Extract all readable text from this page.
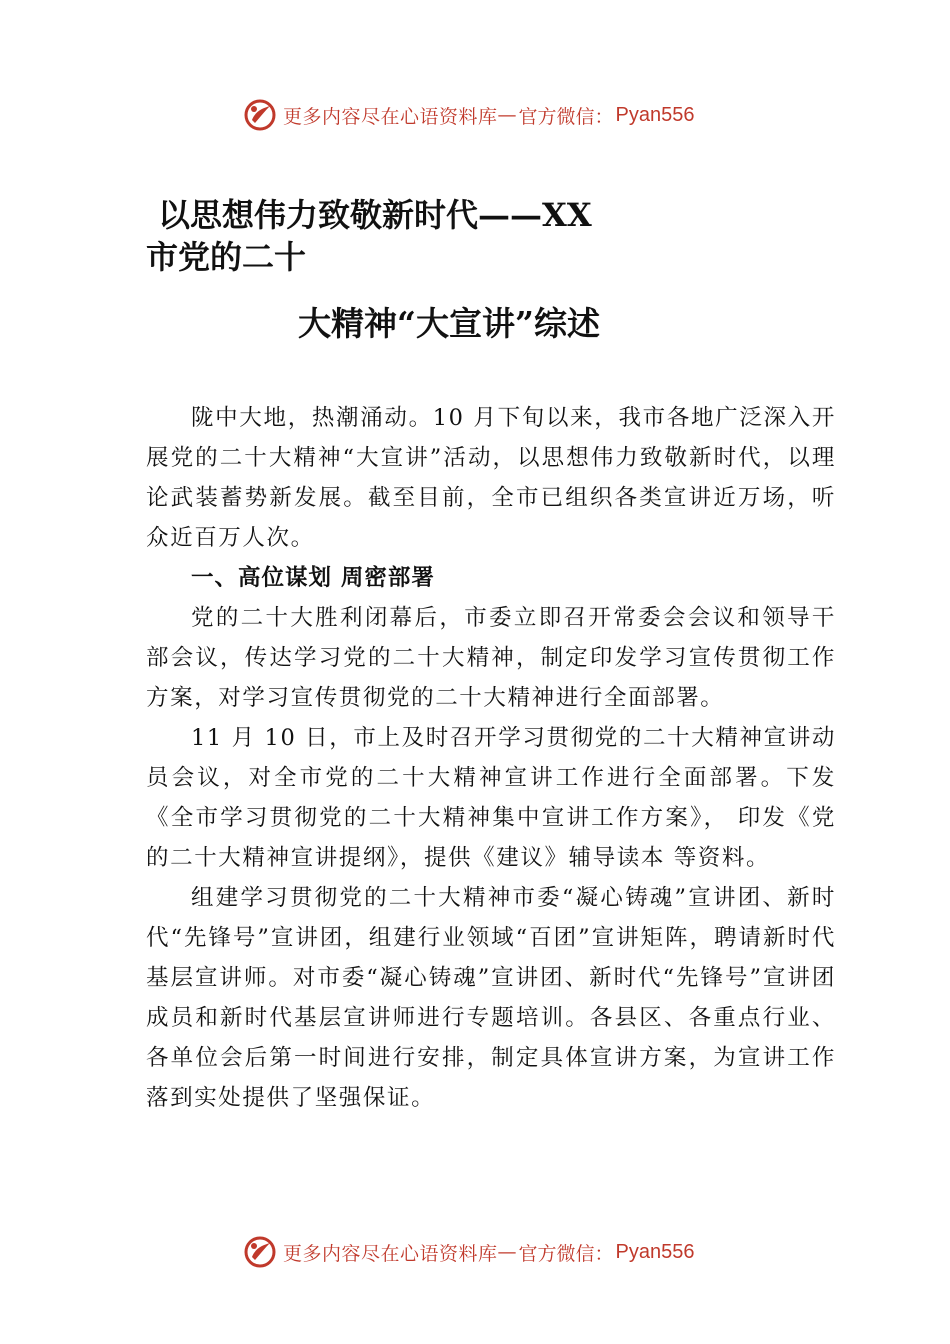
更多内容尽在心语资料库 — 官方微信： Pyan556
以思想伟力致敬新时代——XX
市党的二十
大精神“大宣讲”综述

陇中大地，热潮涌动。10 月下旬以来，我市各地广泛深入开展党的二十大精神“大宣讲”活动，以思想伟力致敬新时代，以理论武装蓄势新发展。截至目前，全市已组织各类宣讲近万场，听众近百万人次。

一、高位谋划 周密部署

党的二十大胜利闭幕后，市委立即召开常委会会议和领导干部会议，传达学习党的二十大精神，制定印发学习宣传贯彻工作方案，对学习宣传贯彻党的二十大精神进行全面部署。

11 月 10 日，市上及时召开学习贯彻党的二十大精神宣讲动员会议，对全市党的二十大精神宣讲工作进行全面部署。下发《全市学习贯彻党的二十大精神集中宣讲工作方案》， 印发《党的二十大精神宣讲提纲》，提供《建议》辅导读本 等资料。

组建学习贯彻党的二十大精神市委“凝心铸魂”宣讲团、新时代“先锋号”宣讲团，组建行业领域“百团”宣讲矩阵，聘请新时代基层宣讲师。对市委“凝心铸魂”宣讲团、新时代“先锋号”宣讲团成员和新时代基层宣讲师进行专题培训。各县区、各重点行业、各单位会后第一时间进行安排，制定具体宣讲方案，为宣讲工作落到实处提供了坚强保证。

更多内容尽在心语资料库 — 官方微信： Pyan556
